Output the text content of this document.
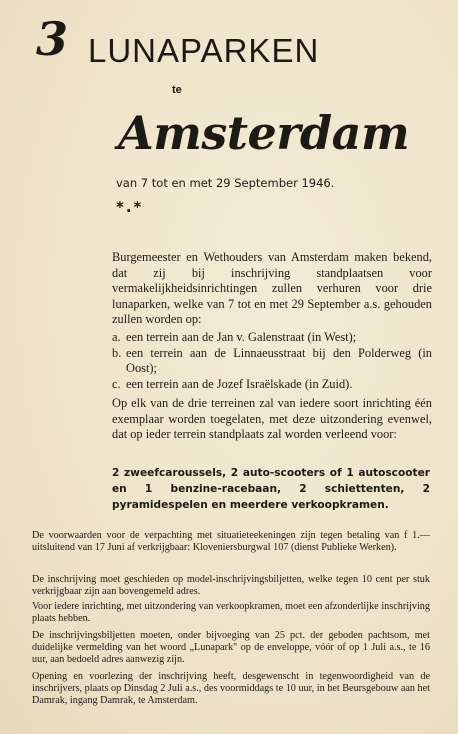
3 LUNAPARKEN
te
Amsterdam
van 7 tot en met 29 September 1946.
*.*
Burgemeester en Wethouders van Amsterdam maken bekend, dat zij bij inschrijving standplaatsen voor vermakelijkheidsinrichtingen zullen verhuren voor drie lunaparken, welke van 7 tot en met 29 September a.s. gehouden zullen worden op:
a. een terrein aan de Jan v. Galenstraat (in West);
b. een terrein aan de Linnaeusstraat bij den Polderweg (in Oost);
c. een terrein aan de Jozef Israëlskade (in Zuid).
Op elk van de drie terreinen zal van iedere soort inrichting één exemplaar worden toegelaten, met deze uitzondering evenwel, dat op ieder terrein standplaats zal worden verleend voor:
2 zweefcaroussels, 2 auto-scooters of 1 autoscooter en 1 benzine-racebaan, 2 schiettenten, 2 pyramidespelen en meerdere verkoopkramen.
De voorwaarden voor de verpachting met situatieteekeningen zijn tegen betaling van f 1.— uitsluitend van 17 Juni af verkrijgbaar: Kloveniersburgwal 107 (dienst Publieke Werken).
De inschrijving moet geschieden op model-inschrijvingsbiljetten, welke tegen 10 cent per stuk verkrijgbaar zijn aan bovengemeld adres.
Voor iedere inrichting, met uitzondering van verkoopkramen, moet een afzonderlijke inschrijving plaats hebben.
De inschrijvingsbiljetten moeten, onder bijvoeging van 25 pct. der geboden pachtsom, met duidelijke vermelding van het woord „Lunapark" op de enveloppe, vóór of op 1 Juli a.s., te 16 uur, aan bedoeld adres aanwezig zijn.
Opening en voorlezing der inschrijving heeft, desgewenscht in tegenwoordigheid van de inschrijvers, plaats op Dinsdag 2 Juli a.s., des voormiddags te 10 uur, in het Beursgebouw aan het Damrak, ingang Damrak, te Amsterdam.
